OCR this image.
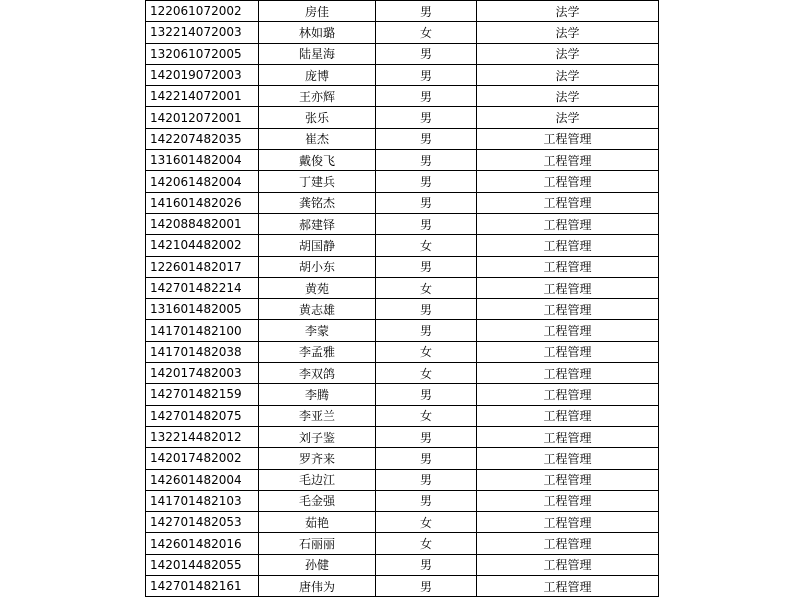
122061072002	房佳	男	法学
132214072003	林如璐	女	法学
132061072005	陆星海	男	法学
142019072003	庞博	男	法学
142214072001	王亦辉	男	法学
142012072001	张乐	男	法学
142207482035	崔杰	男	工程管理
131601482004	戴俊飞	男	工程管理
142061482004	丁建兵	男	工程管理
141601482026	龚铭杰	男	工程管理
142088482001	郝建铎	男	工程管理
142104482002	胡国静	女	工程管理
122601482017	胡小东	男	工程管理
142701482214	黄苑	女	工程管理
131601482005	黄志雄	男	工程管理
141701482100	李蒙	男	工程管理
141701482038	李孟雅	女	工程管理
142017482003	李双鸽	女	工程管理
142701482159	李腾	男	工程管理
142701482075	李亚兰	女	工程管理
132214482012	刘子鉴	男	工程管理
142017482002	罗齐来	男	工程管理
142601482004	毛边江	男	工程管理
141701482103	毛金强	男	工程管理
142701482053	茹艳	女	工程管理
142601482016	石丽丽	女	工程管理
142014482055	孙健	男	工程管理
142701482161	唐伟为	男	工程管理
